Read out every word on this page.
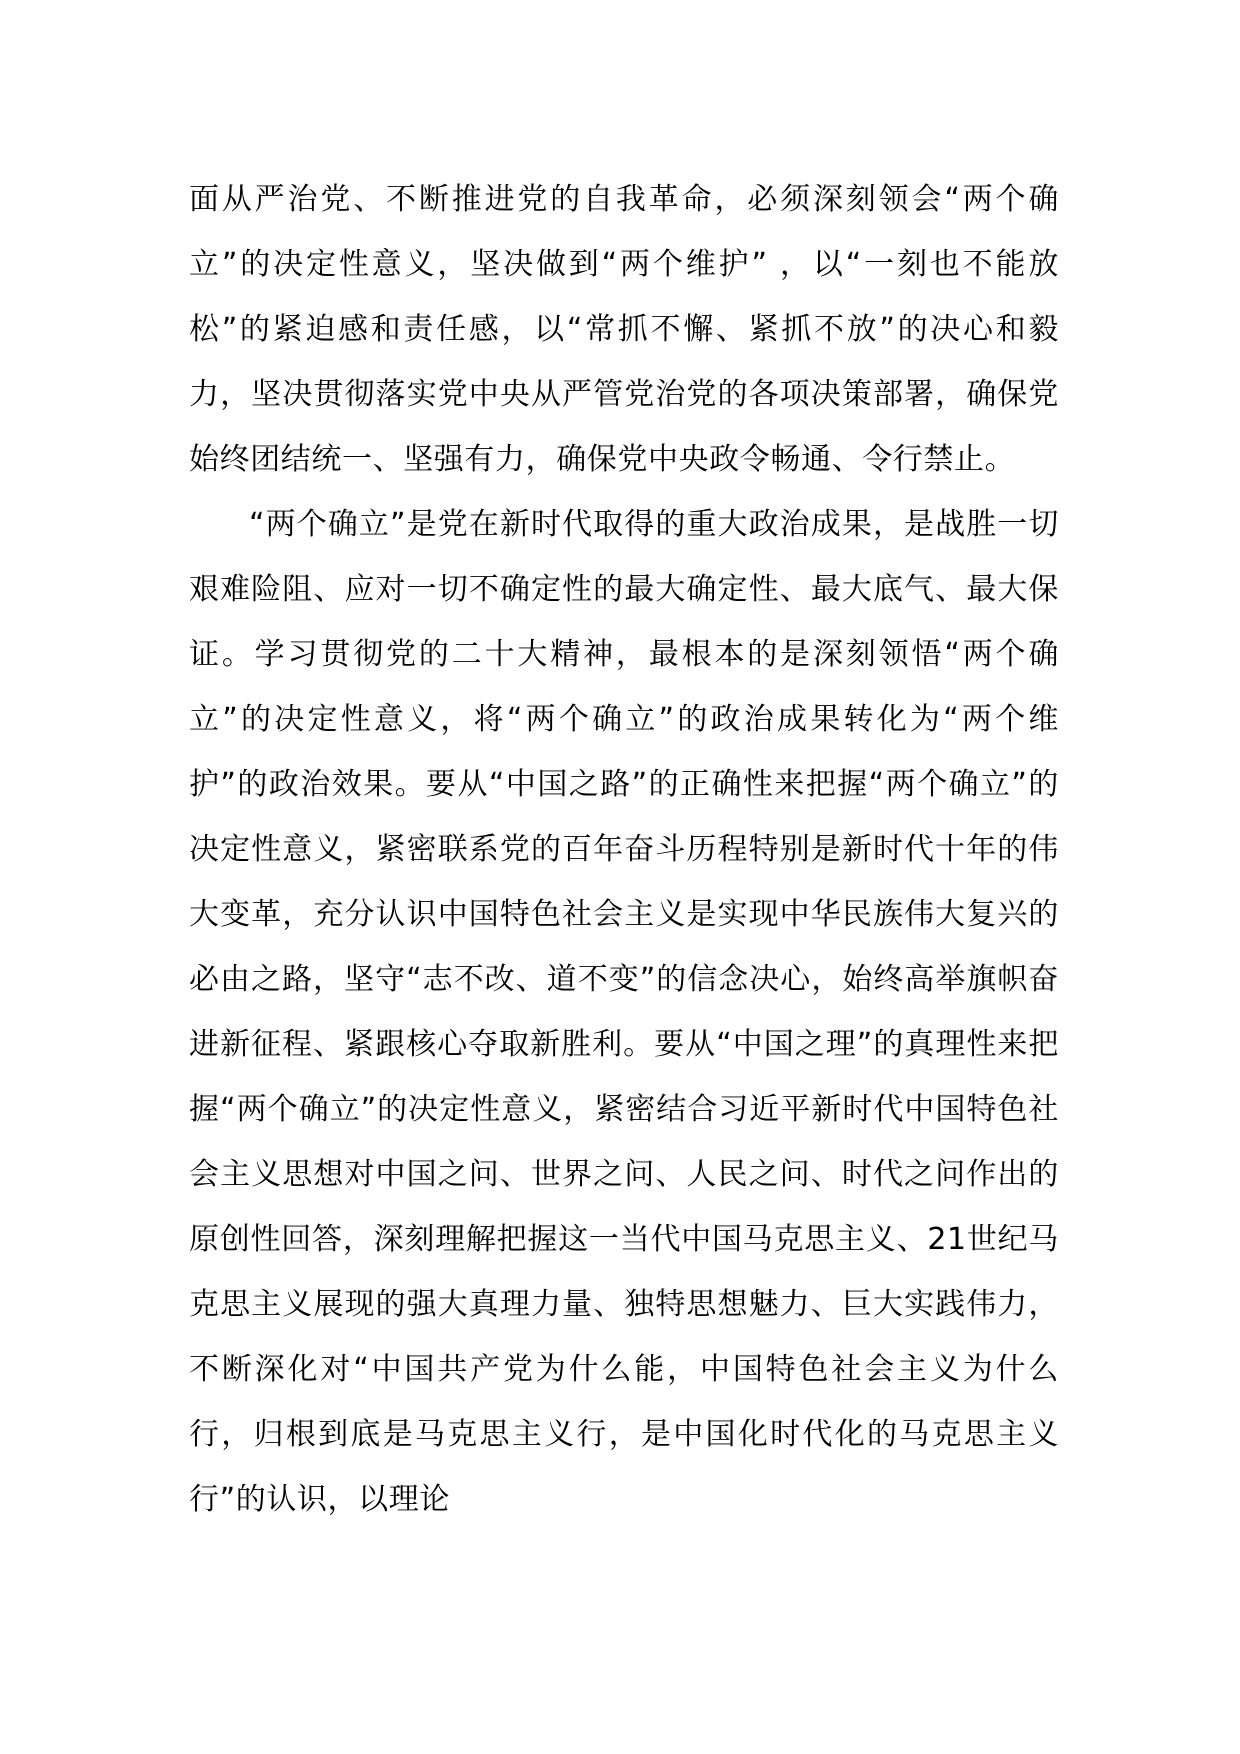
面从严治党、不断推进党的自我革命，必须深刻领会“两个确立”的决定性意义，坚决做到“两个维护” ，以“一刻也不能放松”的紧迫感和责任感，以“常抓不懈、紧抓不放”的决心和毅力，坚决贯彻落实党中央从严管党治党的各项决策部署，确保党始终团结统一、坚强有力，确保党中央政令畅通、令行禁止。

“两个确立”是党在新时代取得的重大政治成果，是战胜一切艰难险阻、应对一切不确定性的最大确定性、最大底气、最大保证。学习贯彻党的二十大精神，最根本的是深刻领悟“两个确立”的决定性意义，将“两个确立”的政治成果转化为“两个维护”的政治效果。要从“中国之路”的正确性来把握“两个确立”的决定性意义，紧密联系党的百年奋斗历程特别是新时代十年的伟大变革，充分认识中国特色社会主义是实现中华民族伟大复兴的必由之路，坚守“志不改、道不变”的信念决心，始终高举旗帜奋进新征程、紧跟核心夺取新胜利。要从“中国之理”的真理性来把握“两个确立”的决定性意义，紧密结合习近平新时代中国特色社会主义思想对中国之问、世界之问、人民之问、时代之问作出的原创性回答，深刻理解把握这一当代中国马克思主义、21世纪马克思主义展现的强大真理力量、独特思想魅力、巨大实践伟力，不断深化对“中国共产党为什么能，中国特色社会主义为什么行，归根到底是马克思主义行，是中国化时代化的马克思主义行”的认识，以理论
